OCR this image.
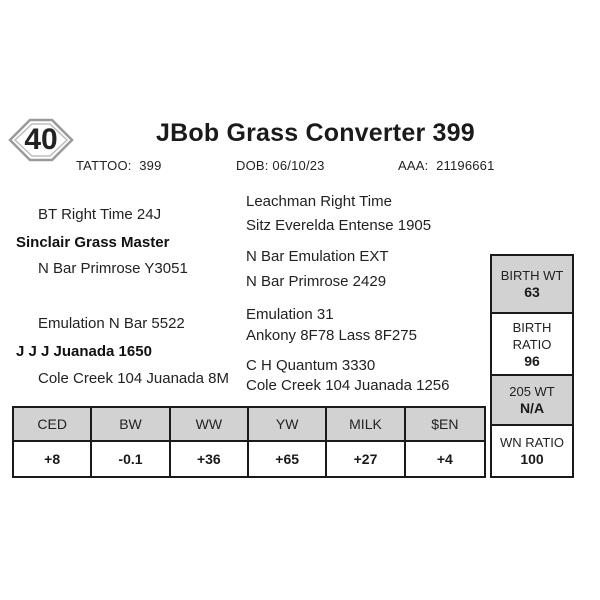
40	JBob Grass Converter 399
TATTOO: 399	DOB: 06/10/23	AAA: 21196661
Leachman Right Time
BT Right Time 24J
Sitz Everelda Entense 1905
Sinclair Grass Master
N Bar Emulation EXT
N Bar Primrose Y3051
N Bar Primrose 2429
Emulation 31
Emulation N Bar 5522
Ankony 8F78 Lass 8F275
J J J Juanada 1650
C H Quantum 3330
Cole Creek 104 Juanada 8M Cole Creek 104 Juanada 1256
CED	BW	WW	YW	MILK	$EN
+8	-0.1	+36	+65	+27	+4
BIRTH WT
63
BIRTH
RATIO
96
205 WT
N/A
WN RATIO
100
